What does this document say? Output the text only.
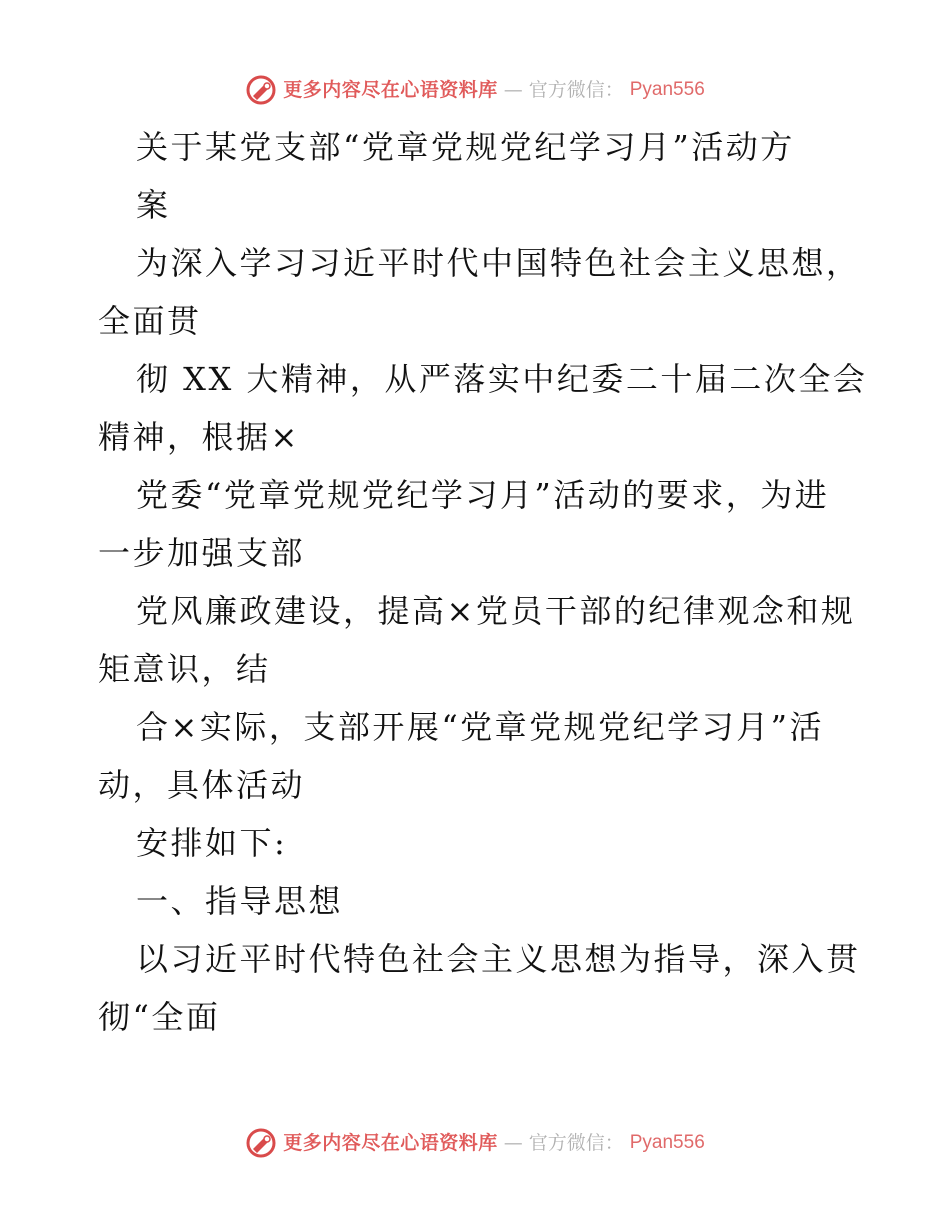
更多内容尽在心语资料库 — 官方微信： Pyan556

关于某党支部“党章党规党纪学习月”活动方

案

为深入学习习近平时代中国特色社会主义思想，

全面贯

彻 XX 大精神，从严落实中纪委二十届二次全会

精神，根据×

党委“党章党规党纪学习月”活动的要求，为进

一步加强支部

党风廉政建设，提高×党员干部的纪律观念和规

矩意识，结

合×实际，支部开展“党章党规党纪学习月”活

动，具体活动

安排如下:

一、指导思想

以习近平时代特色社会主义思想为指导，深入贯

彻“全面

更多内容尽在心语资料库 — 官方微信： Pyan556
